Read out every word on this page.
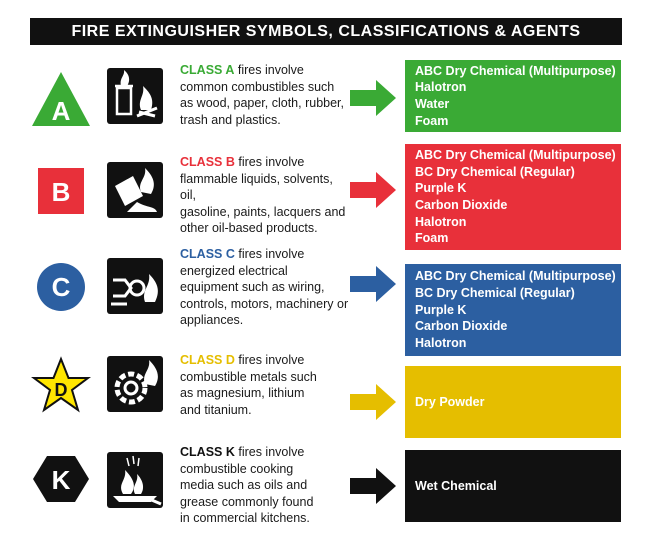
FIRE EXTINGUISHER SYMBOLS, CLASSIFICATIONS & AGENTS
A
CLASS A fires involve
common combustibles such
as wood, paper, cloth, rubber,
trash and plastics.
ABC Dry Chemical (Multipurpose)
Halotron
Water
Foam
B
CLASS B fires involve
flammable liquids, solvents, oil,
gasoline, paints, lacquers and
other oil-based products.
ABC Dry Chemical (Multipurpose)
BC Dry Chemical (Regular)
Purple K
Carbon Dioxide
Halotron
Foam
C
CLASS C fires involve
energized electrical
equipment such as wiring,
controls, motors, machinery or
appliances.
ABC Dry Chemical (Multipurpose)
BC Dry Chemical (Regular)
Purple K
Carbon Dioxide
Halotron
D
CLASS D fires involve
combustible metals such
as magnesium, lithium
and titanium.
Dry Powder
K
CLASS K fires involve
combustible cooking
media such as oils and
grease commonly found
in commercial kitchens.
Wet Chemical
